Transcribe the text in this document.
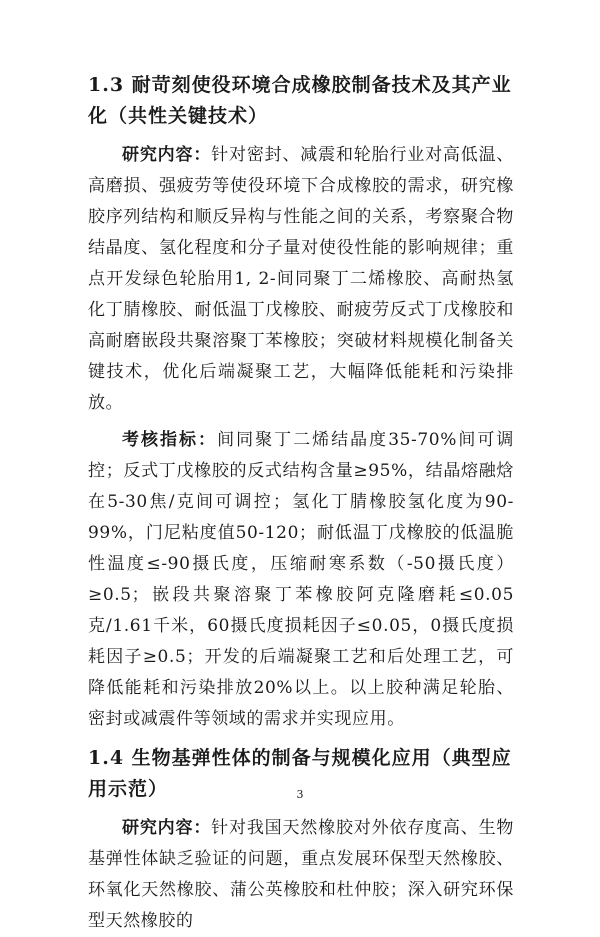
1.3 耐苛刻使役环境合成橡胶制备技术及其产业化（共性关键技术）

研究内容：针对密封、减震和轮胎行业对高低温、高磨损、强疲劳等使役环境下合成橡胶的需求，研究橡胶序列结构和顺反异构与性能之间的关系，考察聚合物结晶度、氢化程度和分子量对使役性能的影响规律；重点开发绿色轮胎用1, 2-间同聚丁二烯橡胶、高耐热氢化丁腈橡胶、耐低温丁戊橡胶、耐疲劳反式丁戊橡胶和高耐磨嵌段共聚溶聚丁苯橡胶；突破材料规模化制备关键技术，优化后端凝聚工艺，大幅降低能耗和污染排放。

考核指标：间同聚丁二烯结晶度35-70%间可调控；反式丁戊橡胶的反式结构含量≥95%，结晶熔融焓在5-30焦/克间可调控；氢化丁腈橡胶氢化度为90-99%，门尼粘度值50-120；耐低温丁戊橡胶的低温脆性温度≤-90摄氏度，压缩耐寒系数（-50摄氏度）≥0.5；嵌段共聚溶聚丁苯橡胶阿克隆磨耗≤0.05克/1.61千米，60摄氏度损耗因子≤0.05，0摄氏度损耗因子≥0.5；开发的后端凝聚工艺和后处理工艺，可降低能耗和污染排放20%以上。以上胶种满足轮胎、密封或减震件等领域的需求并实现应用。

1.4 生物基弹性体的制备与规模化应用（典型应用示范）

研究内容：针对我国天然橡胶对外依存度高、生物基弹性体缺乏验证的问题，重点发展环保型天然橡胶、环氧化天然橡胶、蒲公英橡胶和杜仲胶；深入研究环保型天然橡胶的

3
